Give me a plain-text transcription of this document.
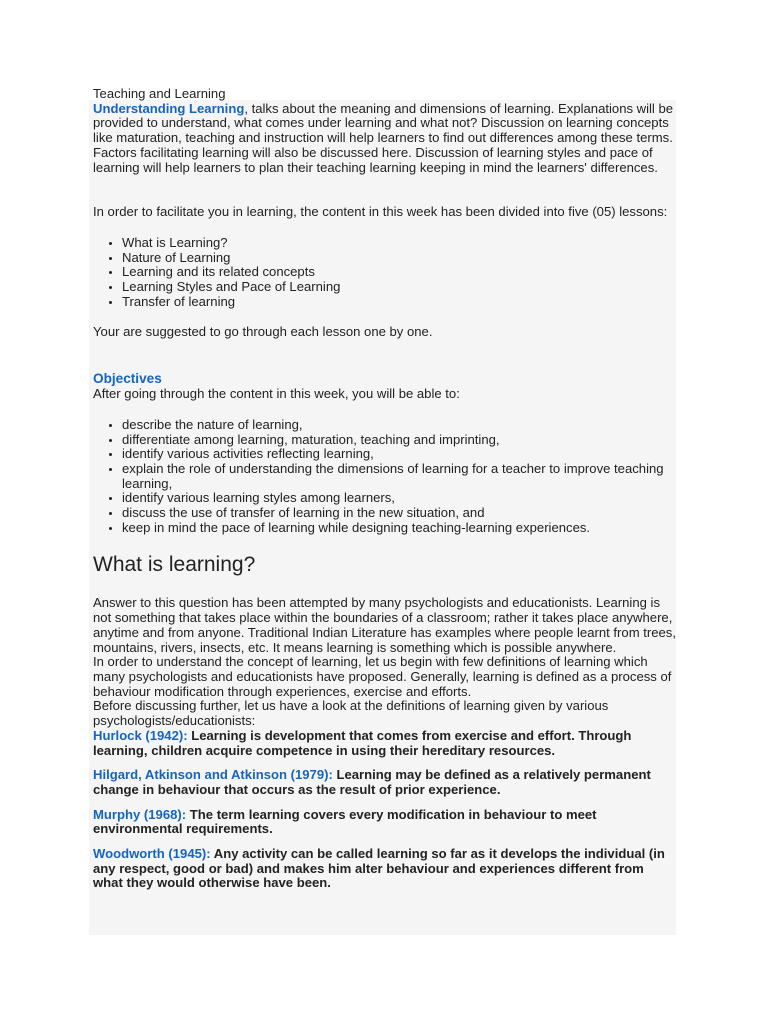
Teaching and Learning

Understanding Learning, talks about the meaning and dimensions of learning. Explanations will be provided to understand, what comes under learning and what not? Discussion on learning concepts like maturation, teaching and instruction will help learners to find out differences among these terms. Factors facilitating learning will also be discussed here. Discussion of learning styles and pace of learning will help learners to plan their teaching learning keeping in mind the learners' differences.

In order to facilitate you in learning, the content in this week has been divided into five (05) lessons:

• What is Learning?
• Nature of Learning
• Learning and its related concepts
• Learning Styles and Pace of Learning
• Transfer of learning

Your are suggested to go through each lesson one by one.

Objectives

After going through the content in this week, you will be able to:

• describe the nature of learning,
• differentiate among learning, maturation, teaching and imprinting,
• identify various activities reflecting learning,
• explain the role of understanding the dimensions of learning for a teacher to improve teaching learning,
• identify various learning styles among learners,
• discuss the use of transfer of learning in the new situation, and
• keep in mind the pace of learning while designing teaching-learning experiences.
What is learning?

Answer to this question has been attempted by many psychologists and educationists. Learning is not something that takes place within the boundaries of a classroom; rather it takes place anywhere, anytime and from anyone. Traditional Indian Literature has examples where people learnt from trees, mountains, rivers, insects, etc. It means learning is something which is possible anywhere.

In order to understand the concept of learning, let us begin with few definitions of learning which many psychologists and educationists have proposed. Generally, learning is defined as a process of behaviour modification through experiences, exercise and efforts.

Before discussing further, let us have a look at the definitions of learning given by various psychologists/educationists:

Hurlock (1942): Learning is development that comes from exercise and effort. Through learning, children acquire competence in using their hereditary resources.

Hilgard, Atkinson and Atkinson (1979): Learning may be defined as a relatively permanent change in behaviour that occurs as the result of prior experience.

Murphy (1968): The term learning covers every modification in behaviour to meet environmental requirements.

Woodworth (1945): Any activity can be called learning so far as it develops the individual (in any respect, good or bad) and makes him alter behaviour and experiences different from what they would otherwise have been.
